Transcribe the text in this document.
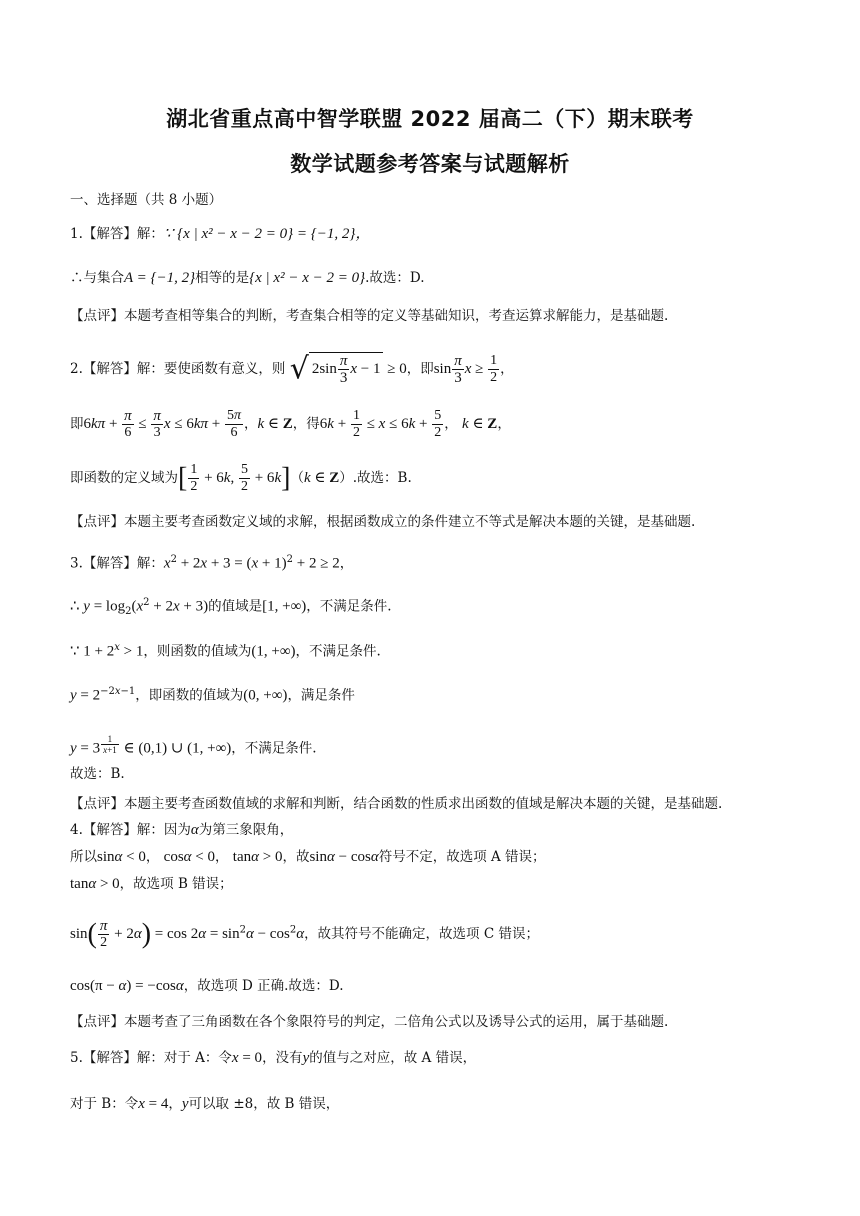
湖北省重点高中智学联盟 2022 届高二（下）期末联考
数学试题参考答案与试题解析
一、选择题（共 8 小题）
1.【解答】解：∵ {x | x² − x − 2 = 0} = {−1, 2}，
∴与集合A = {−1, 2}相等的是{x | x² − x − 2 = 0}.故选：D.
【点评】本题考查相等集合的判断，考查集合相等的定义等基础知识，考查运算求解能力，是基础题.
2.【解答】解：要使函数有意义，则 √ $2\sin \frac{\pi}{3}$ x − 1 ≥ 0，即$\sin \frac{\pi}{3}$ $x \ge \frac{1}{2}$ ，
即$6k\pi + \frac{\pi}{6} \le \frac{\pi}{3}$ $x \le 6k\pi + \frac{5\pi}{6}$ ，k ∈ Z，得$6k + \frac{1}{2} \le x \le 6k + \frac{5}{2}$ ， k ∈ Z，
即函数的定义域为[ $\frac{1}{2} + 6k$, $\frac{5}{2} + 6k](k$ ∈ Z）.故选：B.
【点评】本题主要考查函数定义域的求解，根据函数成立的条件建立不等式是解决本题的关键，是基础题.
3.【解答】解：$x^2 + 2x + 3 = (x + 1)^2 + 2 \ge 2$，
∴ $y = \log_2(x^2 + 2x + 3)$的值域是[1, +∞)，不满足条件.
∵ $1 + 2^x > 1$，则函数的值域为(1, +∞)，不满足条件.
$y = 2^{-2x-1}$，即函数的值域为(0, +∞)，满足条件
y = 3 $^{\frac{1}{x+1}}$ ∈ (0,1) ∪ (1, +∞)，不满足条件.
故选：B.
【点评】本题主要考查函数值域的求解和判断，结合函数的性质求出函数的值域是解决本题的关键，是基础题.
4.【解答】解：因为α为第三象限角，
所以sinα < 0， cosα < 0， tanα > 0，故sinα − cosα符号不定，故选项 A 错误；
tanα > 0，故选项 B 错误；
$\sin( \frac{\pi}{2} + 2\alpha) = \cos 2\alpha = \sin^2\alpha - \cos^2\alpha$，故其符号不能确定，故选项 C 错误；
cos(π − α) = −cosα，故选项 D 正确.故选：D.
【点评】本题考查了三角函数在各个象限符号的判定，二倍角公式以及诱导公式的运用，属于基础题.
5.【解答】解：对于 A：令x = 0，没有y的值与之对应，故 A 错误，
对于 B：令x = 4，y可以取 ±8，故 B 错误，
